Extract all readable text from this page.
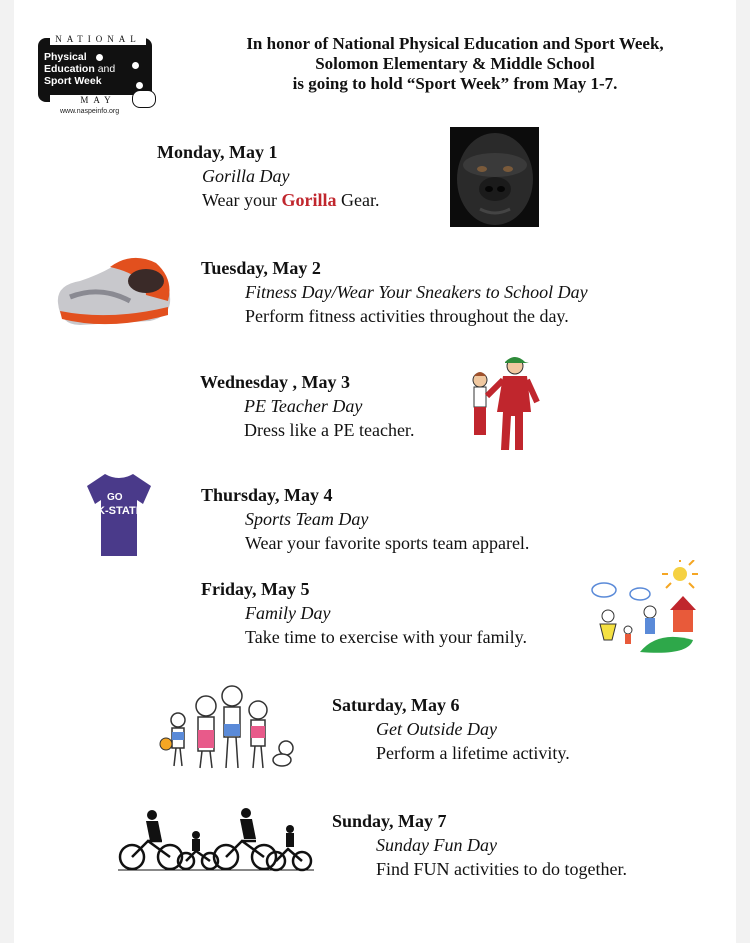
NATIONAL
Physical
Education and
Sport Week
MAY	1-7
www.naspeinfo.org
In honor of National Physical Education and Sport Week,
Solomon Elementary & Middle School
is going to hold “Sport Week” from May 1-7.
Monday, May 1
Gorilla Day
Wear your Gorilla Gear.
Tuesday, May 2
Fitness Day/Wear Your Sneakers to School Day
Perform fitness activities throughout the day.
Wednesday , May 3
PE Teacher Day
Dress like a PE teacher.
Thursday, May 4
Sports Team Day
Wear your favorite sports team apparel.
GO
K-STATE
Friday, May 5
Family Day
Take time to exercise with your family.
Saturday, May 6
Get Outside Day
Perform a lifetime activity.
Sunday, May 7
Sunday Fun Day
Find FUN activities to do together.
